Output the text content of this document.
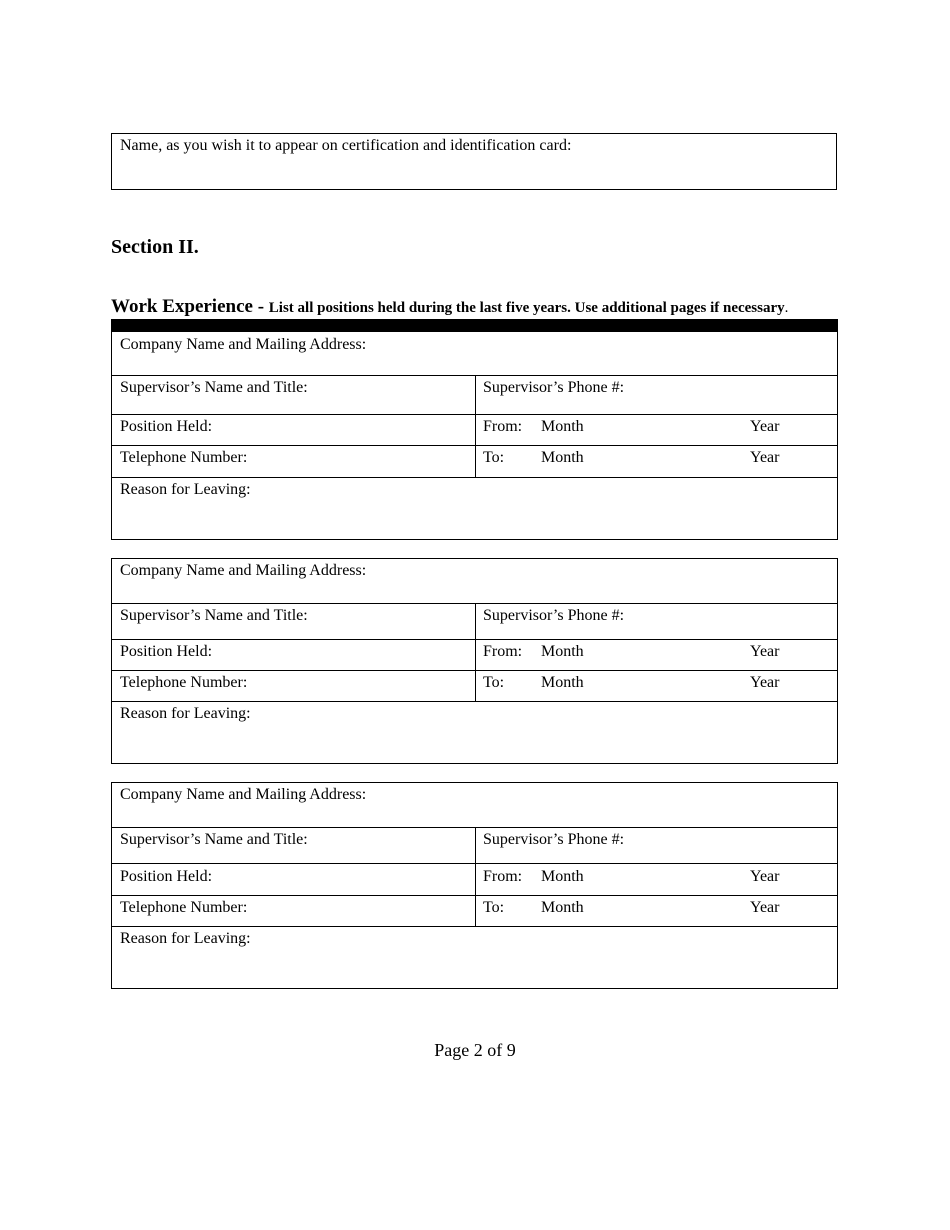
Name, as you wish it to appear on certification and identification card:
Section II.
Work Experience - List all positions held during the last five years. Use additional pages if necessary.
Company Name and Mailing Address:
Supervisor’s Name and Title:	Supervisor’s Phone #:
Position Held:	From: Month	Year
Telephone Number:	To: Month	Year
Reason for Leaving:
Company Name and Mailing Address:
Supervisor’s Name and Title:	Supervisor’s Phone #:
Position Held:	From: Month	Year
Telephone Number:	To: Month	Year
Reason for Leaving:
Company Name and Mailing Address:
Supervisor’s Name and Title:	Supervisor’s Phone #:
Position Held:	From: Month	Year
Telephone Number:	To: Month	Year
Reason for Leaving:
Page 2 of 9
